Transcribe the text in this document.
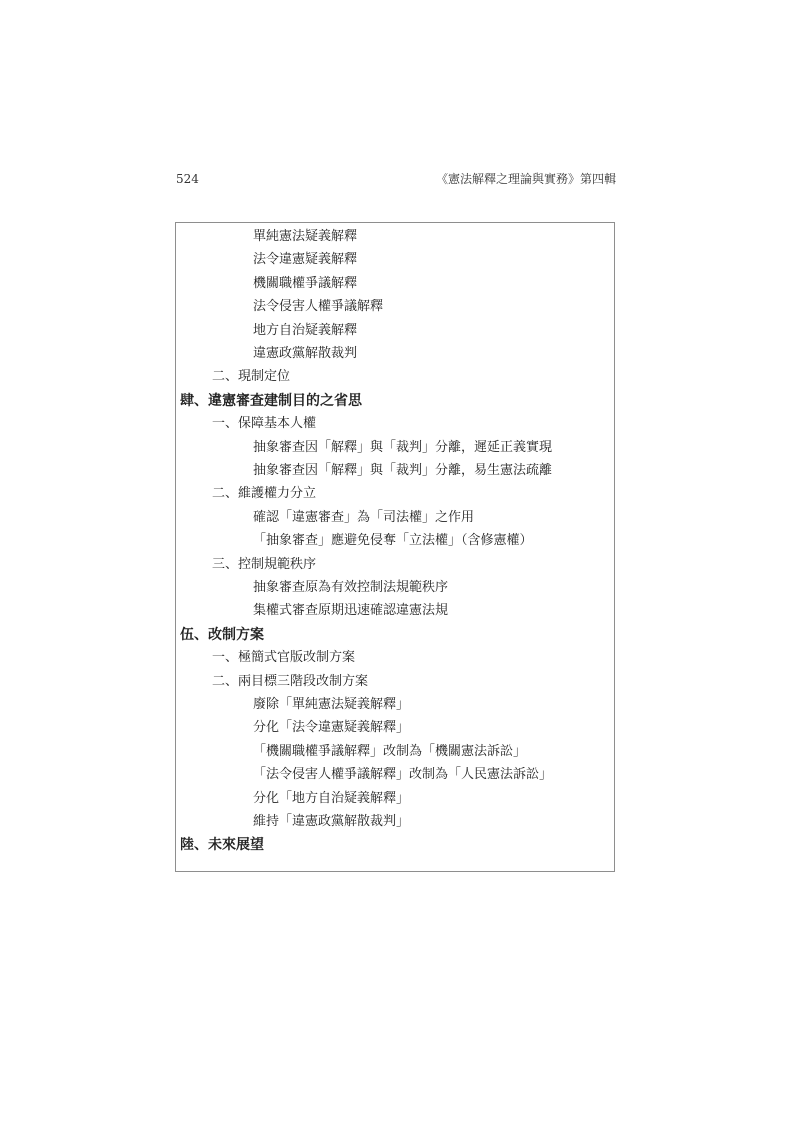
524	《憲法解釋之理論與實務》第四輯
單純憲法疑義解釋
法令違憲疑義解釋
機關職權爭議解釋
法令侵害人權爭議解釋
地方自治疑義解釋
違憲政黨解散裁判
二、現制定位
肆、違憲審查建制目的之省思
一、保障基本人權
抽象審查因「解釋」與「裁判」分離，遲延正義實現
抽象審查因「解釋」與「裁判」分離，易生憲法疏離
二、維護權力分立
確認「違憲審查」為「司法權」之作用
「抽象審查」應避免侵奪「立法權」（含修憲權）
三、控制規範秩序
抽象審查原為有效控制法規範秩序
集權式審查原期迅速確認違憲法規
伍、改制方案
一、極簡式官版改制方案
二、兩目標三階段改制方案
廢除「單純憲法疑義解釋」
分化「法令違憲疑義解釋」
「機關職權爭議解釋」改制為「機關憲法訴訟」
「法令侵害人權爭議解釋」改制為「人民憲法訴訟」
分化「地方自治疑義解釋」
維持「違憲政黨解散裁判」
陸、未來展望
